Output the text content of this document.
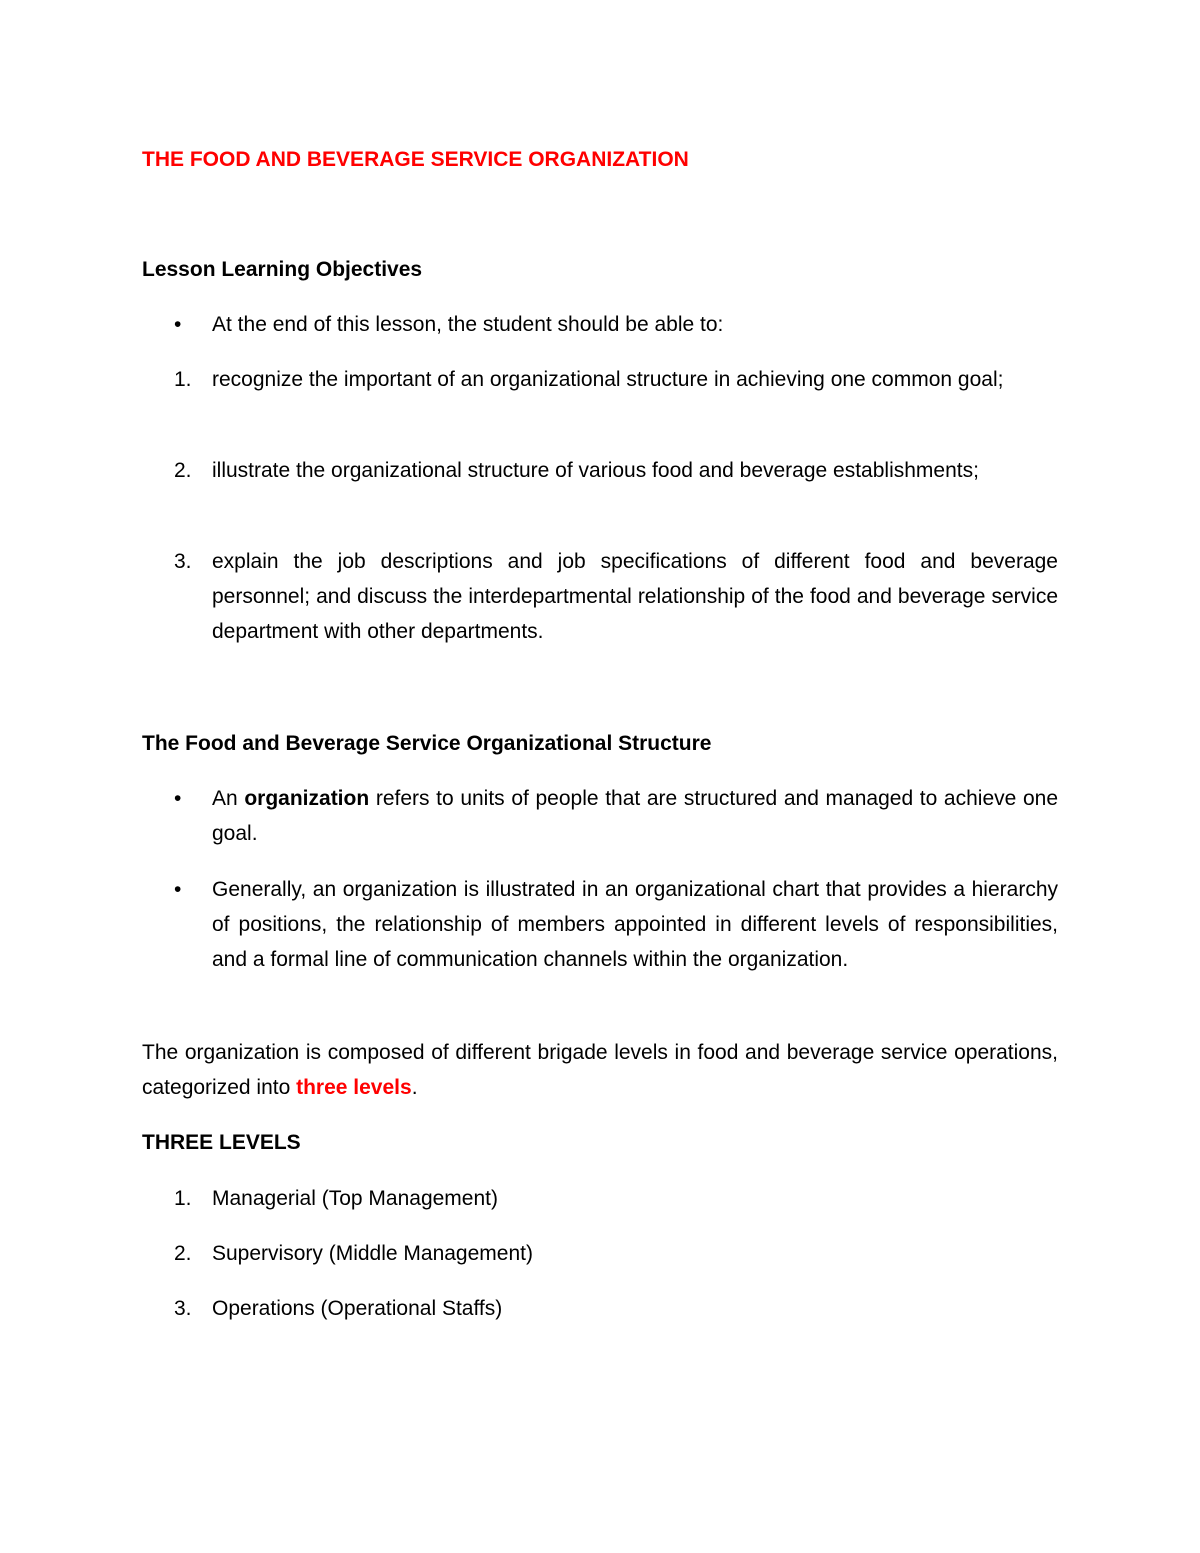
THE FOOD AND BEVERAGE SERVICE ORGANIZATION
Lesson Learning Objectives
•	At the end of this lesson, the student should be able to:
1. recognize the important of an organizational structure in achieving one common goal;
2. illustrate the organizational structure of various food and beverage establishments;
3. explain the job descriptions and job specifications of different food and beverage personnel; and discuss the interdepartmental relationship of the food and beverage service department with other departments.
The Food and Beverage Service Organizational Structure
•	An organization refers to units of people that are structured and managed to achieve one goal.
•	Generally, an organization is illustrated in an organizational chart that provides a hierarchy of positions, the relationship of members appointed in different levels of responsibilities, and a formal line of communication channels within the organization.

The organization is composed of different brigade levels in food and beverage service operations, categorized into three levels.

THREE LEVELS
1. Managerial (Top Management)
2. Supervisory (Middle Management)
3. Operations (Operational Staffs)
